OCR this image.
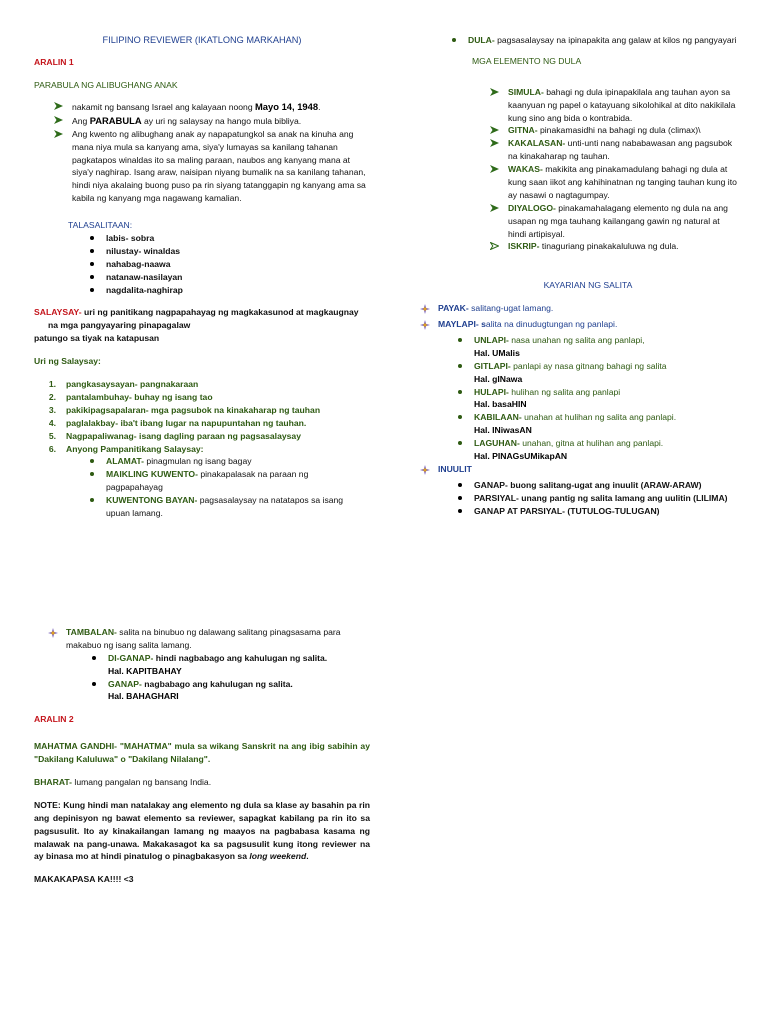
FILIPINO REVIEWER (IKATLONG MARKAHAN)

ARALIN 1

PARABULA NG ALIBUGHANG ANAK

nakamit ng bansang Israel ang kalayaan noong Mayo 14, 1948.
Ang PARABULA ay uri ng salaysay na hango mula bibliya.
Ang kwento ng alibughang anak ay napapatungkol sa anak na kinuha ang mana niya mula sa kanyang ama, siya'y lumayas sa kanilang tahanan pagkatapos winaldas ito sa maling paraan, naubos ang kanyang mana at siya'y naghirap. Isang araw, naisipan niyang bumalik na sa kanilang tahanan, hindi niya akalaing buong puso pa rin siyang tatanggapin ng kanyang ama sa kabila ng kanyang mga nagawang kamalian.

TALASALITAAN:

labis- sobra
nilustay- winaldas
nahabag-naawa
natanaw-nasilayan
nagdalita-naghirap

SALAYSAY- uri ng panitikang nagpapahayag ng magkakasunod at magkaugnay

na mga pangyayaring pinapagalaw

patungo sa tiyak na katapusan

Uri ng Salaysay:

1. pangkasaysayan- pangnakaraan
2. pantalambuhay- buhay ng isang tao
3. pakikipagsapalaran- mga pagsubok na kinakaharap ng tauhan
4. paglalakbay- iba't ibang lugar na napupuntahan ng tauhan.
5. Nagpapaliwanag- isang dagling paraan ng pagsasalaysay
6. Anyong Pampanitikang Salaysay:
ALAMAT- pinagmulan ng isang bagay
MAIKLING KUWENTO- pinakapalasak na paraan ng pagpapahayag
KUWENTONG BAYAN- pagsasalaysay na natatapos sa isang upuan lamang.
TAMBALAN- salita na binubuo ng dalawang salitang pinagsasama para makabuo ng isang salita lamang.
DI-GANAP- hindi nagbabago ang kahulugan ng salita.
Hal. KAPITBAHAY
GANAP- nagbabago ang kahulugan ng salita.
Hal. BAHAGHARI

ARALIN 2

MAHATMA GANDHI- "MAHATMA" mula sa wikang Sanskrit na ang ibig sabihin ay "Dakilang Kaluluwa" o "Dakilang Nilalang".

BHARAT- lumang pangalan ng bansang India.

NOTE: Kung hindi man natalakay ang elemento ng dula sa klase ay basahin pa rin ang depinisyon ng bawat elemento sa reviewer, sapagkat kabilang pa rin ito sa pagsusulit. Ito ay kinakailangan lamang ng maayos na pagbabasa kasama ng malawak na pang-unawa. Makakasagot ka sa pagsusulit kung itong reviewer na ay binasa mo at hindi pinatulog o pinagbakasyon sa long weekend.

MAKAKAPASA KA!!!! <3

DULA- pagsasalaysay na ipinapakita ang galaw at kilos ng pangyayari

MGA ELEMENTO NG DULA

SIMULA- bahagi ng dula ipinapakilala ang tauhan ayon sa kaanyuan ng papel o katayuang sikolohikal at dito nakikilala kung sino ang bida o kontrabida.
GITNA- pinakamasidhi na bahagi ng dula (climax)\
KAKALASAN- unti-unti nang nababawasan ang pagsubok na kinakaharap ng tauhan.
WAKAS- makikita ang pinakamadulang bahagi ng dula at kung saan iikot ang kahihinatnan ng tanging tauhan kung ito ay nasawi o nagtagumpay.
DIYALOGO- pinakamahalagang elemento ng dula na ang usapan ng mga tauhang kailangang gawin ng natural at hindi artipisyal.
ISKRIP- tinaguriang pinakakaluluwa ng dula.

KAYARIAN NG SALITA

PAYAK- salitang-ugat lamang.
MAYLAPI- salita na dinudugtungan ng panlapi.
UNLAPI- nasa unahan ng salita ang panlapi,
Hal. UMalis
GITLAPI- panlapi ay nasa gitnang bahagi ng salita
Hal. gINawa
HULAPI- hulihan ng salita ang panlapi
Hal. basaHIN
KABILAAN- unahan at hulihan ng salita ang panlapi.
Hal. INiwasAN
LAGUHAN- unahan, gitna at hulihan ang panlapi.
Hal. PINAGsUMikapAN
INUULIT
GANAP- buong salitang-ugat ang inuulit (ARAW-ARAW)
PARSIYAL- unang pantig ng salita lamang ang uulitin (LILIMA)
GANAP AT PARSIYAL- (TUTULOG-TULUGAN)
